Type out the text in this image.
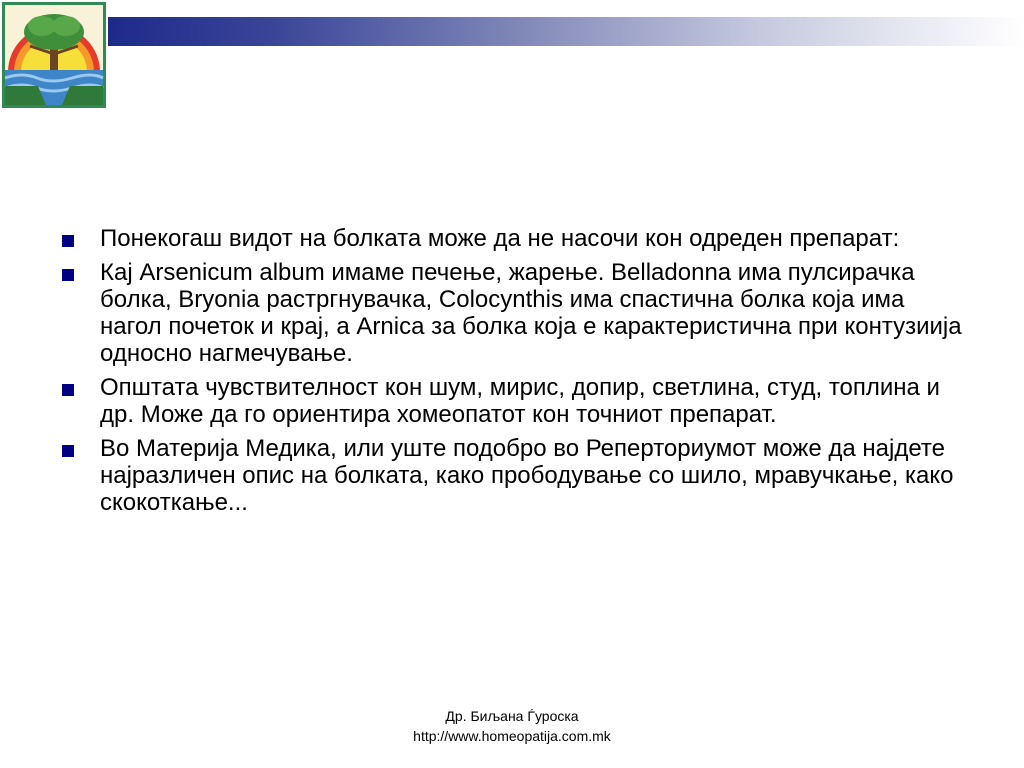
Понекогаш видот на болката може да не насочи кон одреден препарат:
Кај Arsenicum album имаме печење, жарење. Belladonna има пулсирачка болка, Bryonia растргнувачка, Colocynthis има спастична болка која има нагол почеток и крај, а Arnica за болка која е карактеристична при контузиија односно нагмечување.
Општата чувствителност кон шум, мирис, допир, светлина, студ, топлина и др. Може да го ориентира хомеопатот кон точниот препарат.
Во Материја Медика, или уште подобро во Реперториумот може да најдете најразличен опис на болката, како прободување со шило, мравучкање, како скокоткање...
Др. Биљана Ѓуроска
http://www.homeopatija.com.mk
